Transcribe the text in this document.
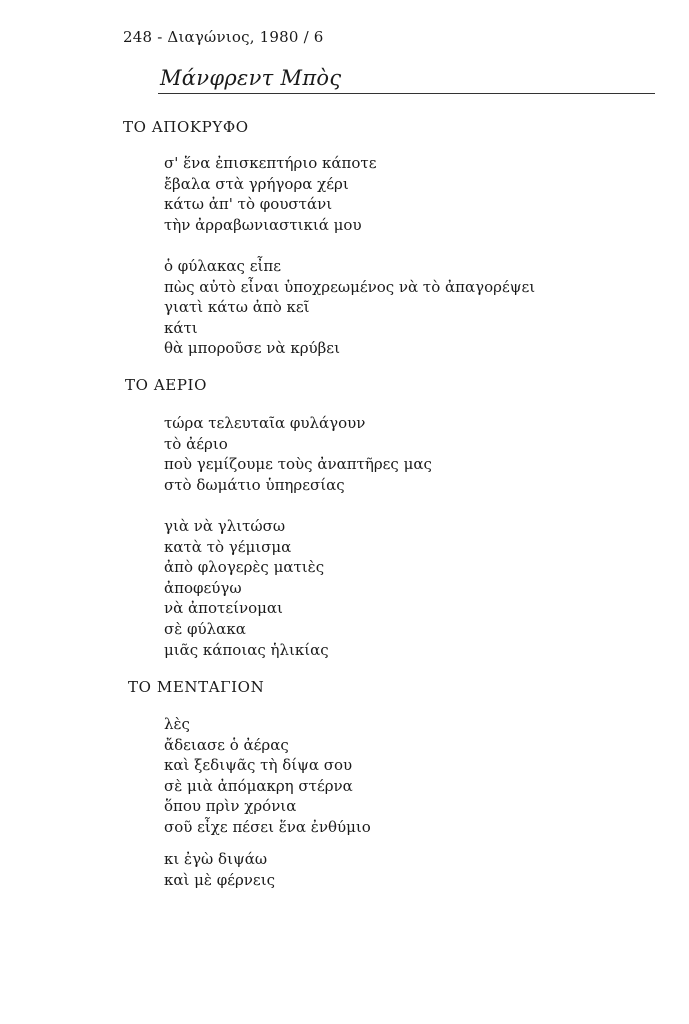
248 - Διαγώνιος, 1980 / 6
Μάνφρεντ Μπὸς
ΤΟ ΑΠΟΚΡΥΦΟ
σ' ἕνα ἐπισκεπτήριο κάποτε
ἔβαλα στὰ γρήγορα χέρι
κάτω ἀπ' τὸ φουστάνι
τὴν ἀρραβωνιαστικιά μου
ὁ φύλακας εἶπε
πὼς αὐτὸ εἶναι ὑποχρεωμένος νὰ τὸ ἀπαγορέψει
γιατὶ κάτω ἀπὸ κεῖ
κάτι
θὰ μποροῦσε νὰ κρύβει
ΤΟ ΑΕΡΙΟ
τώρα τελευταῖα φυλάγουν
τὸ ἀέριο
ποὺ γεμίζουμε τοὺς ἀναπτῆρες μας
στὸ δωμάτιο ὑπηρεσίας
γιὰ νὰ γλιτώσω
κατὰ τὸ γέμισμα
ἀπὸ φλογερὲς ματιὲς
ἀποφεύγω
νὰ ἀποτείνομαι
σὲ φύλακα
μιᾶς κάποιας ἡλικίας
ΤΟ ΜΕΝΤΑΓΙΟΝ
λὲς
ἄδειασε ὁ ἀέρας
καὶ ξεδιψᾶς τὴ δίψα σου
σὲ μιὰ ἀπόμακρη στέρνα
ὅπου πρὶν χρόνια
σοῦ εἶχε πέσει ἕνα ἐνθύμιο
κι ἐγὼ διψάω
καὶ μὲ φέρνεις
